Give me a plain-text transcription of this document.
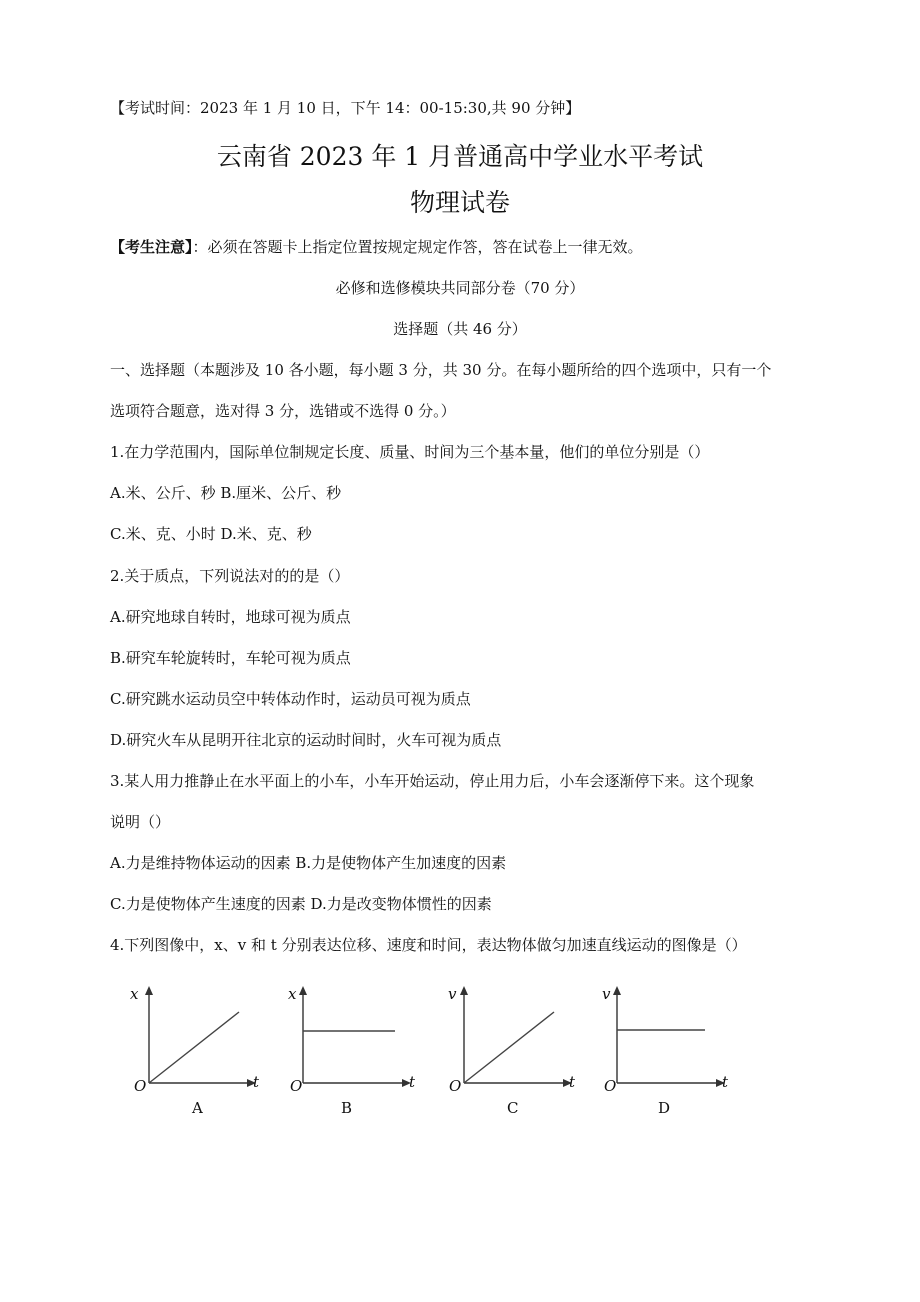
【考试时间：2023 年 1 月 10 日，下午 14：00-15:30,共 90 分钟】
云南省 2023 年 1 月普通高中学业水平考试
物理试卷
【考生注意】：必须在答题卡上指定位置按规定规定作答，答在试卷上一律无效。
必修和选修模块共同部分卷（70 分）
选择题（共 46 分）
一、选择题（本题涉及 10 各小题，每小题 3 分，共 30 分。在每小题所给的四个选项中，只有一个
选项符合题意，选对得 3 分，选错或不选得 0 分。）
1.在力学范围内，国际单位制规定长度、质量、时间为三个基本量，他们的单位分别是（）
A.米、公斤、秒 B.厘米、公斤、秒
C.米、克、小时 D.米、克、秒
2.关于质点，下列说法对的的是（）
A.研究地球自转时，地球可视为质点
B.研究车轮旋转时，车轮可视为质点
C.研究跳水运动员空中转体动作时，运动员可视为质点
D.研究火车从昆明开往北京的运动时间时，火车可视为质点
3.某人用力推静止在水平面上的小车，小车开始运动，停止用力后，小车会逐渐停下来。这个现象
说明（）
A.力是维持物体运动的因素 B.力是使物体产生加速度的因素
C.力是使物体产生速度的因素 D.力是改变物体惯性的因素
4.下列图像中，x、v 和 t 分别表达位移、速度和时间，表达物体做匀加速直线运动的图像是（）
x
t
O
A
x
t
O
B
v
t
O
C
v
t
O
D
